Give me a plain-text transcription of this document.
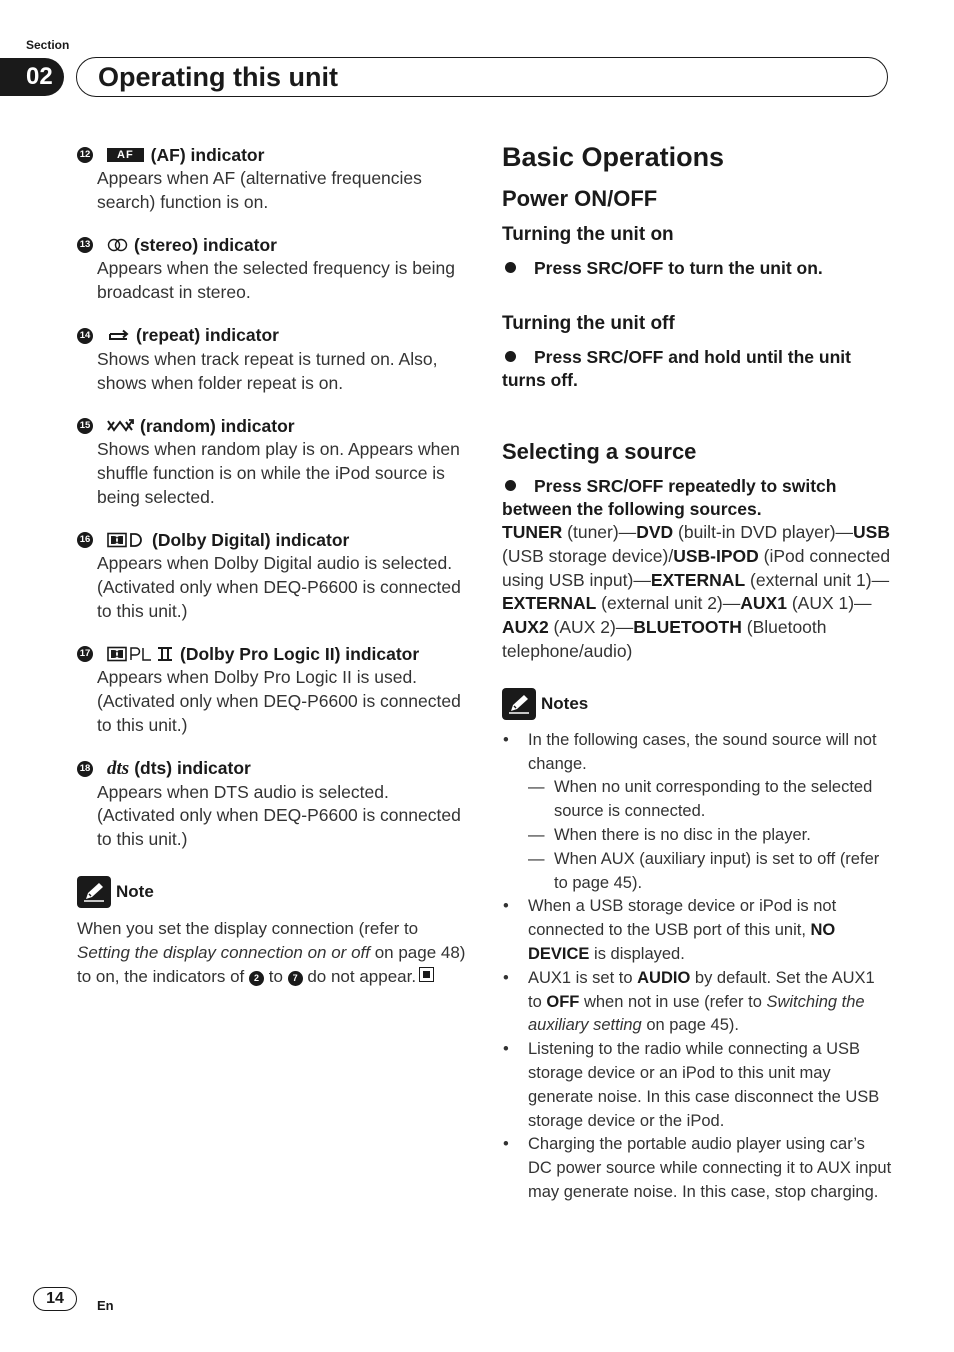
Section
02	Operating this unit
12	AF (AF) indicator
Appears when AF (alternative frequencies search) function is on.
13 (stereo) indicator
Appears when the selected frequency is being broadcast in stereo.
14	(repeat) indicator
Shows when track repeat is turned on. Also, shows when folder repeat is on.
15	(random) indicator
Shows when random play is on. Appears when shuffle function is on while the iPod source is being selected.
16	(Dolby Digital) indicator
Appears when Dolby Digital audio is selected. (Activated only when DEQ-P6600 is connected to this unit.)
17	(Dolby Pro Logic II) indicator
Appears when Dolby Pro Logic II is used. (Activated only when DEQ-P6600 is connected to this unit.)
18 dts (dts) indicator
Appears when DTS audio is selected. (Activated only when DEQ-P6600 is connected to this unit.)
Note
When you set the display connection (refer to Setting the display connection on or off on page 48) to on, the indicators of 2 to 7 do not appear.
Basic Operations
Power ON/OFF
Turning the unit on
Press SRC/OFF to turn the unit on.
Turning the unit off
Press SRC/OFF and hold until the unit turns off.
Selecting a source
Press SRC/OFF repeatedly to switch between the following sources.
TUNER (tuner)—DVD (built-in DVD player)—USB (USB storage device)/USB-IPOD (iPod connected using USB input)—EXTERNAL (external unit 1)—EXTERNAL (external unit 2)—AUX1 (AUX 1)—AUX2 (AUX 2)—BLUETOOTH (Bluetooth telephone/audio)
Notes
• In the following cases, the sound source will not change.
— When no unit corresponding to the selected source is connected.
— When there is no disc in the player.
— When AUX (auxiliary input) is set to off (refer to page 45).
• When a USB storage device or iPod is not connected to the USB port of this unit, NO DEVICE is displayed.
• AUX1 is set to AUDIO by default. Set the AUX1 to OFF when not in use (refer to Switching the auxiliary setting on page 45).
• Listening to the radio while connecting a USB storage device or an iPod to this unit may generate noise. In this case disconnect the USB storage device or the iPod.
• Charging the portable audio player using car’s DC power source while connecting it to AUX input may generate noise. In this case, stop charging.
14	En
